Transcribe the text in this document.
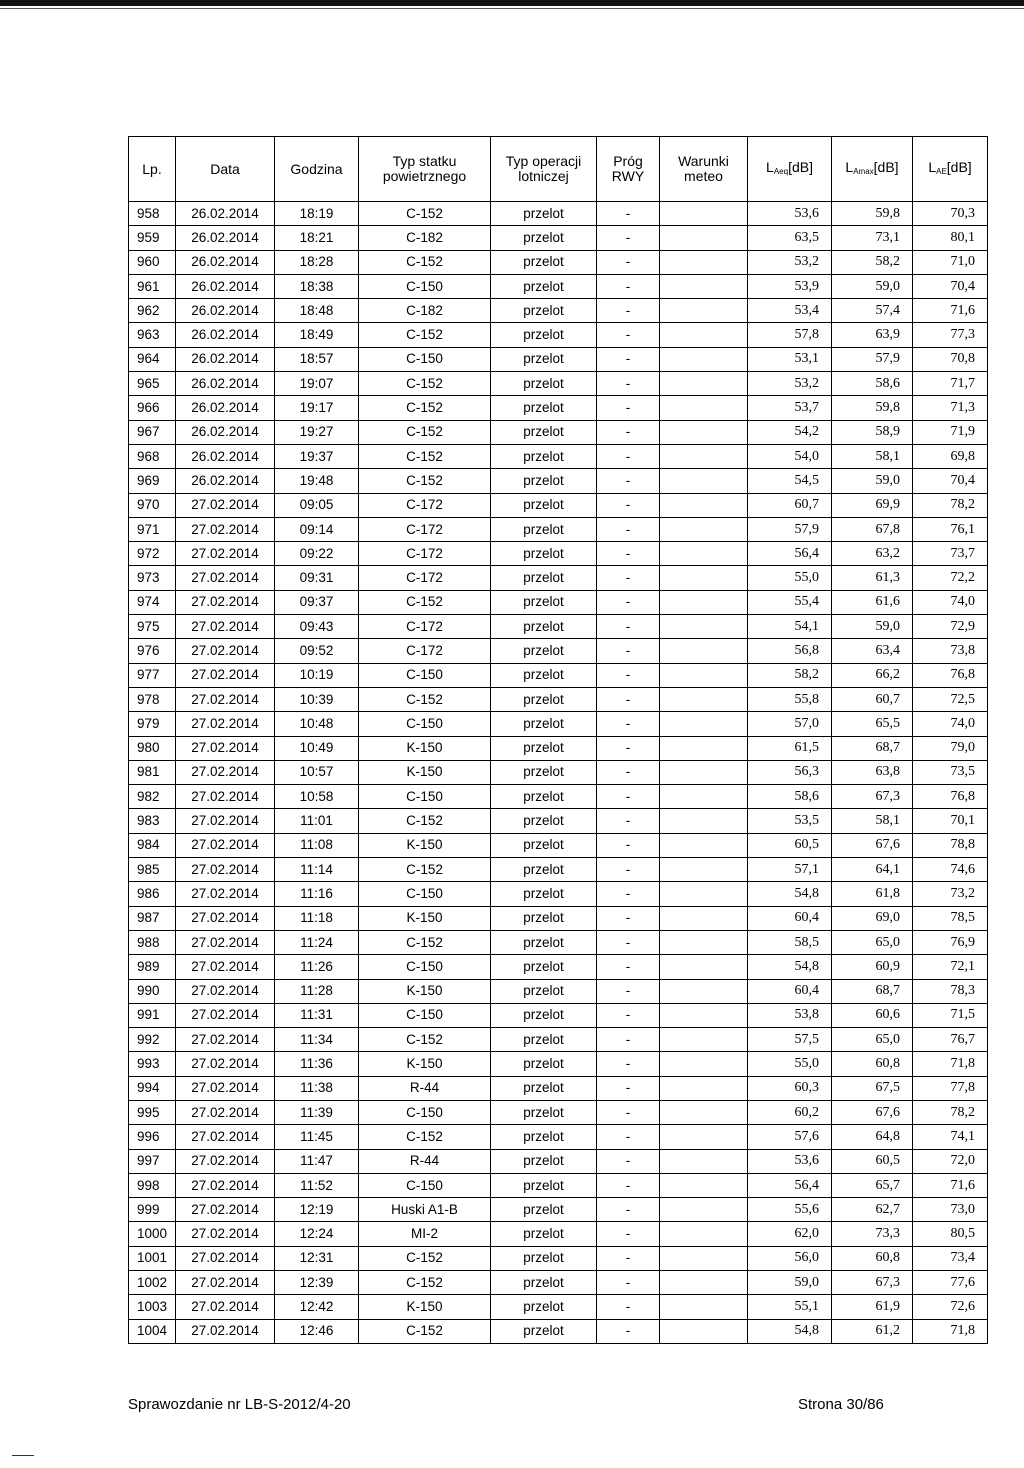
Lp.	Data	Godzina	Typ statku powietrznego	Typ operacji lotniczej	Próg RWY	Warunki meteo	$L_{Aeq}[dB]$	$L_{Amax}[dB]$	$L_{AE}[dB]$
958	26.02.2014	18:19	C-152	przelot	-		53,6	59,8	70,3
959	26.02.2014	18:21	C-182	przelot	-		63,5	73,1	80,1
960	26.02.2014	18:28	C-152	przelot	-		53,2	58,2	71,0
961	26.02.2014	18:38	C-150	przelot	-		53,9	59,0	70,4
962	26.02.2014	18:48	C-182	przelot	-		53,4	57,4	71,6
963	26.02.2014	18:49	C-152	przelot	-		57,8	63,9	77,3
964	26.02.2014	18:57	C-150	przelot	-		53,1	57,9	70,8
965	26.02.2014	19:07	C-152	przelot	-		53,2	58,6	71,7
966	26.02.2014	19:17	C-152	przelot	-		53,7	59,8	71,3
967	26.02.2014	19:27	C-152	przelot	-		54,2	58,9	71,9
968	26.02.2014	19:37	C-152	przelot	-		54,0	58,1	69,8
969	26.02.2014	19:48	C-152	przelot	-		54,5	59,0	70,4
970	27.02.2014	09:05	C-172	przelot	-		60,7	69,9	78,2
971	27.02.2014	09:14	C-172	przelot	-		57,9	67,8	76,1
972	27.02.2014	09:22	C-172	przelot	-		56,4	63,2	73,7
973	27.02.2014	09:31	C-172	przelot	-		55,0	61,3	72,2
974	27.02.2014	09:37	C-152	przelot	-		55,4	61,6	74,0
975	27.02.2014	09:43	C-172	przelot	-		54,1	59,0	72,9
976	27.02.2014	09:52	C-172	przelot	-		56,8	63,4	73,8
977	27.02.2014	10:19	C-150	przelot	-		58,2	66,2	76,8
978	27.02.2014	10:39	C-152	przelot	-		55,8	60,7	72,5
979	27.02.2014	10:48	C-150	przelot	-		57,0	65,5	74,0
980	27.02.2014	10:49	K-150	przelot	-		61,5	68,7	79,0
981	27.02.2014	10:57	K-150	przelot	-		56,3	63,8	73,5
982	27.02.2014	10:58	C-150	przelot	-		58,6	67,3	76,8
983	27.02.2014	11:01	C-152	przelot	-		53,5	58,1	70,1
984	27.02.2014	11:08	K-150	przelot	-		60,5	67,6	78,8
985	27.02.2014	11:14	C-152	przelot	-		57,1	64,1	74,6
986	27.02.2014	11:16	C-150	przelot	-		54,8	61,8	73,2
987	27.02.2014	11:18	K-150	przelot	-		60,4	69,0	78,5
988	27.02.2014	11:24	C-152	przelot	-		58,5	65,0	76,9
989	27.02.2014	11:26	C-150	przelot	-		54,8	60,9	72,1
990	27.02.2014	11:28	K-150	przelot	-		60,4	68,7	78,3
991	27.02.2014	11:31	C-150	przelot	-		53,8	60,6	71,5
992	27.02.2014	11:34	C-152	przelot	-		57,5	65,0	76,7
993	27.02.2014	11:36	K-150	przelot	-		55,0	60,8	71,8
994	27.02.2014	11:38	R-44	przelot	-		60,3	67,5	77,8
995	27.02.2014	11:39	C-150	przelot	-		60,2	67,6	78,2
996	27.02.2014	11:45	C-152	przelot	-		57,6	64,8	74,1
997	27.02.2014	11:47	R-44	przelot	-		53,6	60,5	72,0
998	27.02.2014	11:52	C-150	przelot	-		56,4	65,7	71,6
999	27.02.2014	12:19	Huski A1-B	przelot	-		55,6	62,7	73,0
1000	27.02.2014	12:24	MI-2	przelot	-		62,0	73,3	80,5
1001	27.02.2014	12:31	C-152	przelot	-		56,0	60,8	73,4
1002	27.02.2014	12:39	C-152	przelot	-		59,0	67,3	77,6
1003	27.02.2014	12:42	K-150	przelot	-		55,1	61,9	72,6
1004	27.02.2014	12:46	C-152	przelot	-		54,8	61,2	71,8
Sprawozdanie nr LB-S-2012/4-20	Strona 30/86
